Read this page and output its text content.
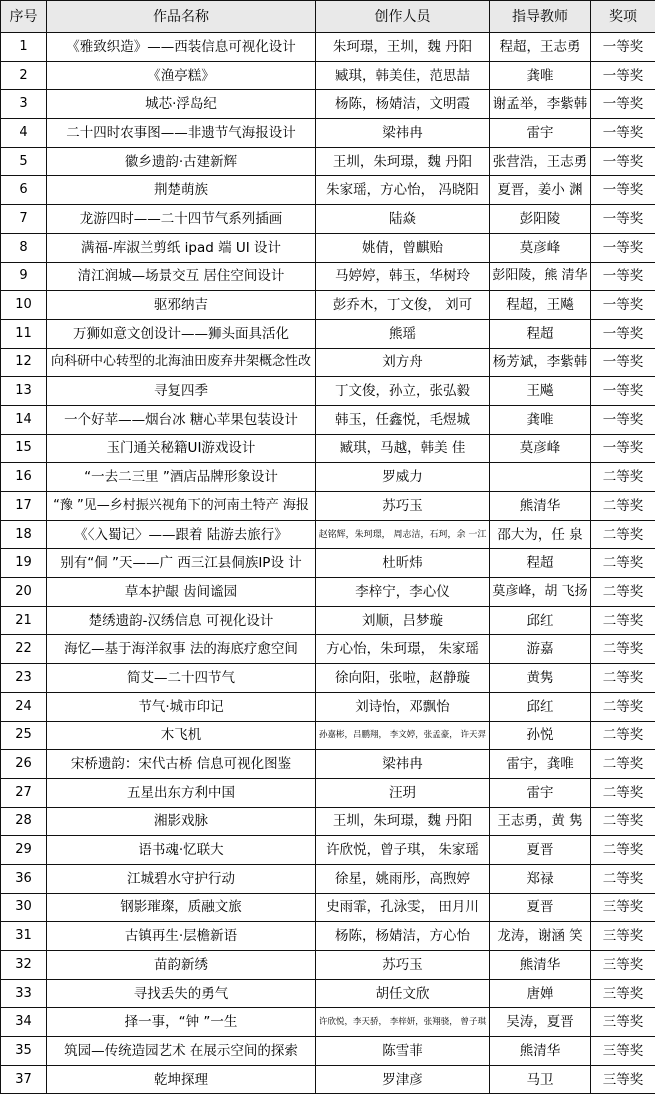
序号	作品名称	创作人员	指导教师	奖项
1	《雅致织造》——西装信息可视化设计	朱珂璟，王圳，魏 丹阳	程超，王志勇	一等奖
2	《渔亭糕》	臧琪，韩美佳，范思喆	龚唯	一等奖
3	城芯·浮岛纪	杨陈，杨婧洁，文明霞	谢孟举，李紫韩	一等奖
4	二十四时农事图——非遗节气海报设计	梁祎冉	雷宇	一等奖
5	徽乡遗韵·古建新辉	王圳，朱珂璟，魏 丹阳	张营浩，王志勇	一等奖
6	荆楚萌族	朱家瑶，方心怡， 冯晓阳	夏晋，姜小 渊	一等奖
7	龙游四时——二十四节气系列插画	陆焱	彭阳陵	一等奖
8	满福-库淑兰剪纸 ipad 端 UI 设计	姚倩，曾麒贻	莫彦峰	一等奖
9	清江润城—场景交互 居住空间设计	马婷婷，韩玉，华树玲	彭阳陵，熊 清华	一等奖
10	驱邪纳吉	彭乔木，丁文俊， 刘可	程超，王飚	一等奖
11	万狮如意文创设计——狮头面具活化	熊瑶	程超	一等奖
12	向科研中心转型的北海油田废弃井架概念性改	刘方舟	杨芳斌，李紫韩	一等奖
13	寻复四季	丁文俊，孙立，张弘毅	王飚	一等奖
14	一个好苹——烟台冰 糖心苹果包装设计	韩玉，任鑫悦，毛煜城	龚唯	一等奖
15	玉门通关秘籍UI游戏设计	臧琪，马越，韩美 佳	莫彦峰	一等奖
16	“一去二三里 ”酒店品牌形象设计	罗威力		二等奖
17	“豫 ”见—乡村振兴视角下的河南土特产 海报	苏巧玉	熊清华	二等奖
18	《〈入蜀记〉——跟着 陆游去旅行》	赵铭辉，朱珂璟， 周志洁，石珂，余 一江	邵大为，任 泉	二等奖
19	别有“侗 ”天——广 西三江县侗族IP设 计	杜昕炜	程超	二等奖
20	草本护龈 齿间谧园	李梓宁，李心仪	莫彦峰，胡 飞扬	二等奖
21	楚绣遗韵-汉绣信息 可视化设计	刘顺，吕梦璇	邱红	二等奖
22	海忆—基于海洋叙事 法的海底疗愈空间	方心怡，朱珂璟， 朱家瑶	游嘉	二等奖
23	简艾—二十四节气	徐向阳，张啦，赵静璇	黄隽	二等奖
24	节气·城市印记	刘诗怡，邓飘怡	邱红	二等奖
25	木飞机	孙嘉彬，吕鹏翔， 李文婷，张孟豪， 许天羿	孙悦	二等奖
26	宋桥遗韵：宋代古桥 信息可视化图鉴	梁祎冉	雷宇，龚唯	二等奖
27	五星出东方利中国	汪玥	雷宇	二等奖
28	湘影戏脉	王圳，朱珂璟，魏 丹阳	王志勇，黄 隽	二等奖
29	语书魂·忆联大	许欣悦，曾子琪， 朱家瑶	夏晋	二等奖
36	江城碧水守护行动	徐星，姚雨彤，高煦婷	郑禄	二等奖
30	钢影璀璨，质融文旅	史雨霏，孔泳雯， 田月川	夏晋	三等奖
31	古镇再生·层檐新语	杨陈，杨婧洁，方心怡	龙涛，谢涵 笑	三等奖
32	苗韵新绣	苏巧玉	熊清华	三等奖
33	寻找丢失的勇气	胡任文欣	唐婵	三等奖
34	择一事，“钟 ”一生	许欣悦，李天骄， 李梓妍，张翔骁， 曾子琪	吴涛，夏晋	三等奖
35	筑园—传统造园艺术 在展示空间的探索	陈雪菲	熊清华	三等奖
37	乾坤探理	罗津彦	马卫	三等奖
